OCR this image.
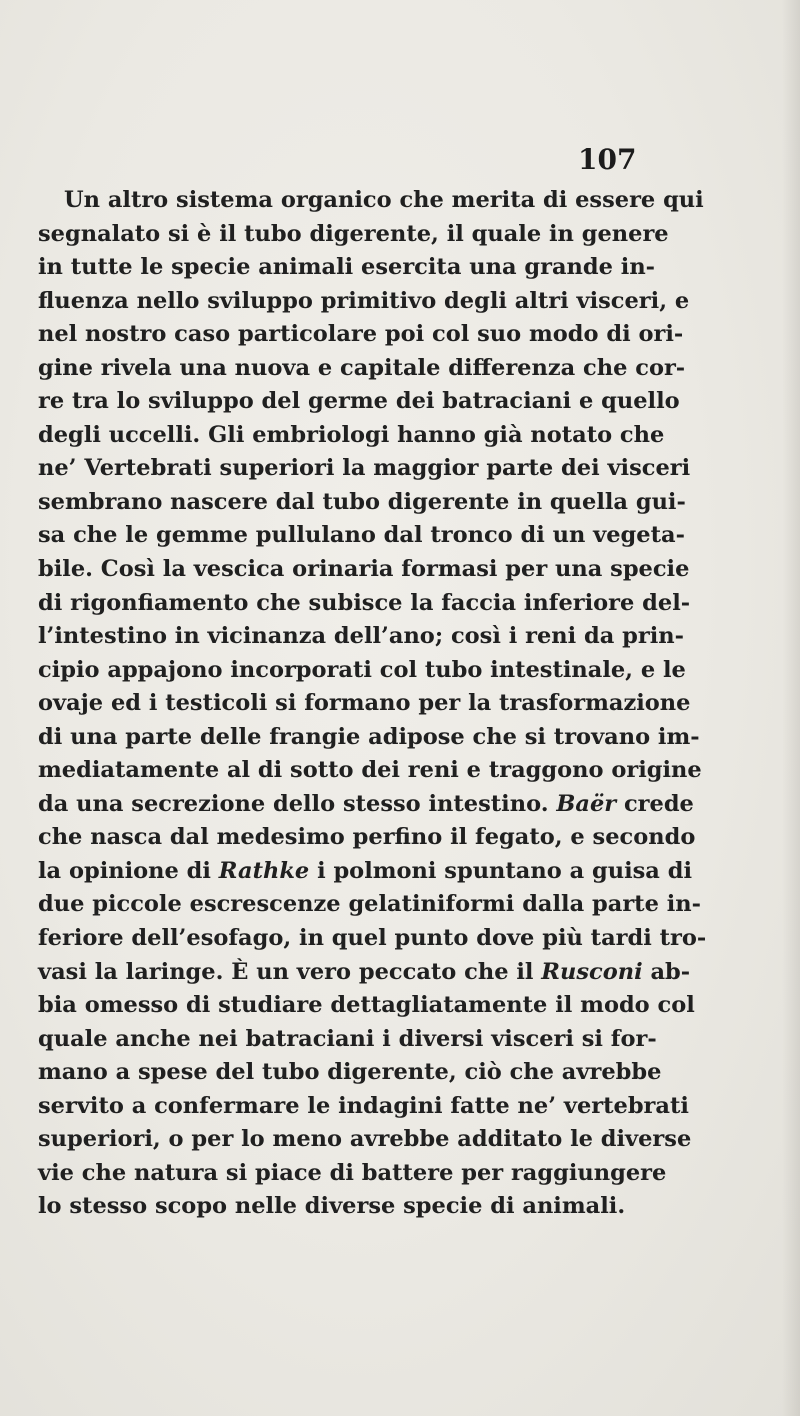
107
Un altro sistema organico che merita di essere qui
segnalato si è il tubo digerente, il quale in genere
in tutte le specie animali esercita una grande in-
fluenza nello sviluppo primitivo degli altri visceri, e
nel nostro caso particolare poi col suo modo di ori-
gine rivela una nuova e capitale differenza che cor-
re tra lo sviluppo del germe dei batraciani e quello
degli uccelli. Gli embriologi hanno già notato che
ne’ Vertebrati superiori la maggior parte dei visceri
sembrano nascere dal tubo digerente in quella gui-
sa che le gemme pullulano dal tronco di un vegeta-
bile. Così la vescica orinaria formasi per una specie
di rigonfiamento che subisce la faccia inferiore del-
l’intestino in vicinanza dell’ano; così i reni da prin-
cipio appajono incorporati col tubo intestinale, e le
ovaje ed i testicoli si formano per la trasformazione
di una parte delle frangie adipose che si trovano im-
mediatamente al di sotto dei reni e traggono origine
da una secrezione dello stesso intestino. Baër crede
che nasca dal medesimo perfino il fegato, e secondo
la opinione di Rathke i polmoni spuntano a guisa di
due piccole escrescenze gelatiniformi dalla parte in-
feriore dell’esofago, in quel punto dove più tardi tro-
vasi la laringe. È un vero peccato che il Rusconi ab-
bia omesso di studiare dettagliatamente il modo col
quale anche nei batraciani i diversi visceri si for-
mano a spese del tubo digerente, ciò che avrebbe
servito a confermare le indagini fatte ne’ vertebrati
superiori, o per lo meno avrebbe additato le diverse
vie che natura si piace di battere per raggiungere
lo stesso scopo nelle diverse specie di animali.
